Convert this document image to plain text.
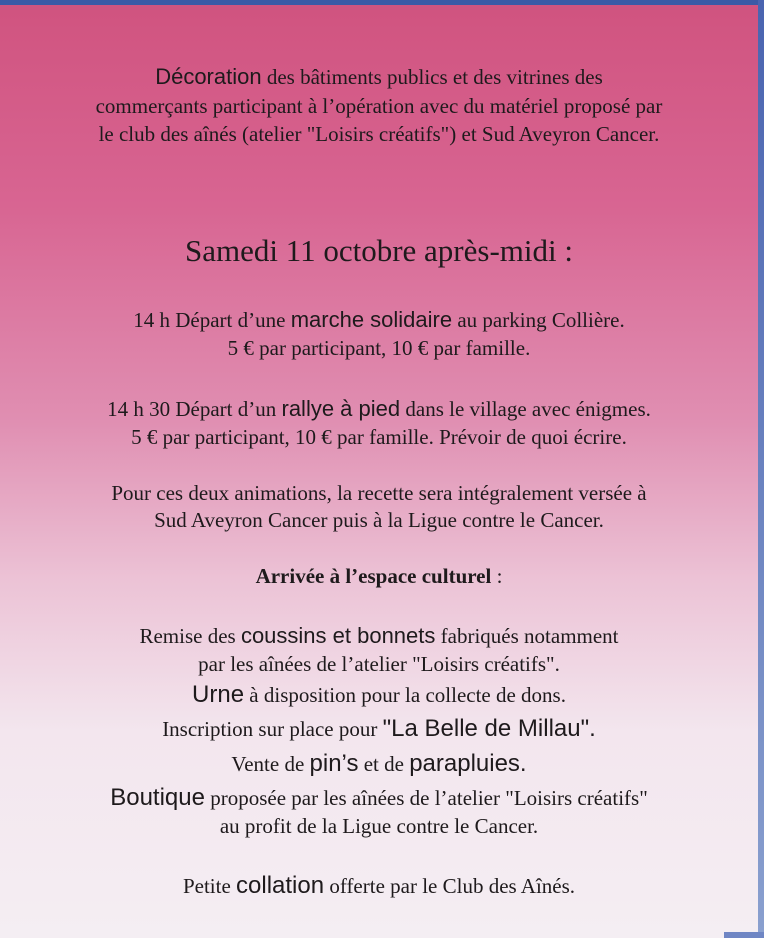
Décoration des bâtiments publics et des vitrines des
commerçants participant à l’opération avec du matériel proposé par
le club des aînés (atelier "Loisirs créatifs") et Sud Aveyron Cancer.
Samedi 11 octobre après-midi :
14 h Départ d’une marche solidaire au parking Collière.
5 € par participant, 10 € par famille.
14 h 30 Départ d’un rallye à pied dans le village avec énigmes.
5 € par participant, 10 € par famille. Prévoir de quoi écrire.
Pour ces deux animations, la recette sera intégralement versée à
Sud Aveyron Cancer puis à la Ligue contre le Cancer.
Arrivée à l’espace culturel :
Remise des coussins et bonnets fabriqués notamment
par les aînées de l’atelier "Loisirs créatifs".
Urne à disposition pour la collecte de dons.
Inscription sur place pour "La Belle de Millau".
Vente de pin’s et de parapluies.
Boutique proposée par les aînées de l’atelier "Loisirs créatifs"
au profit de la Ligue contre le Cancer.
Petite collation offerte par le Club des Aînés.
